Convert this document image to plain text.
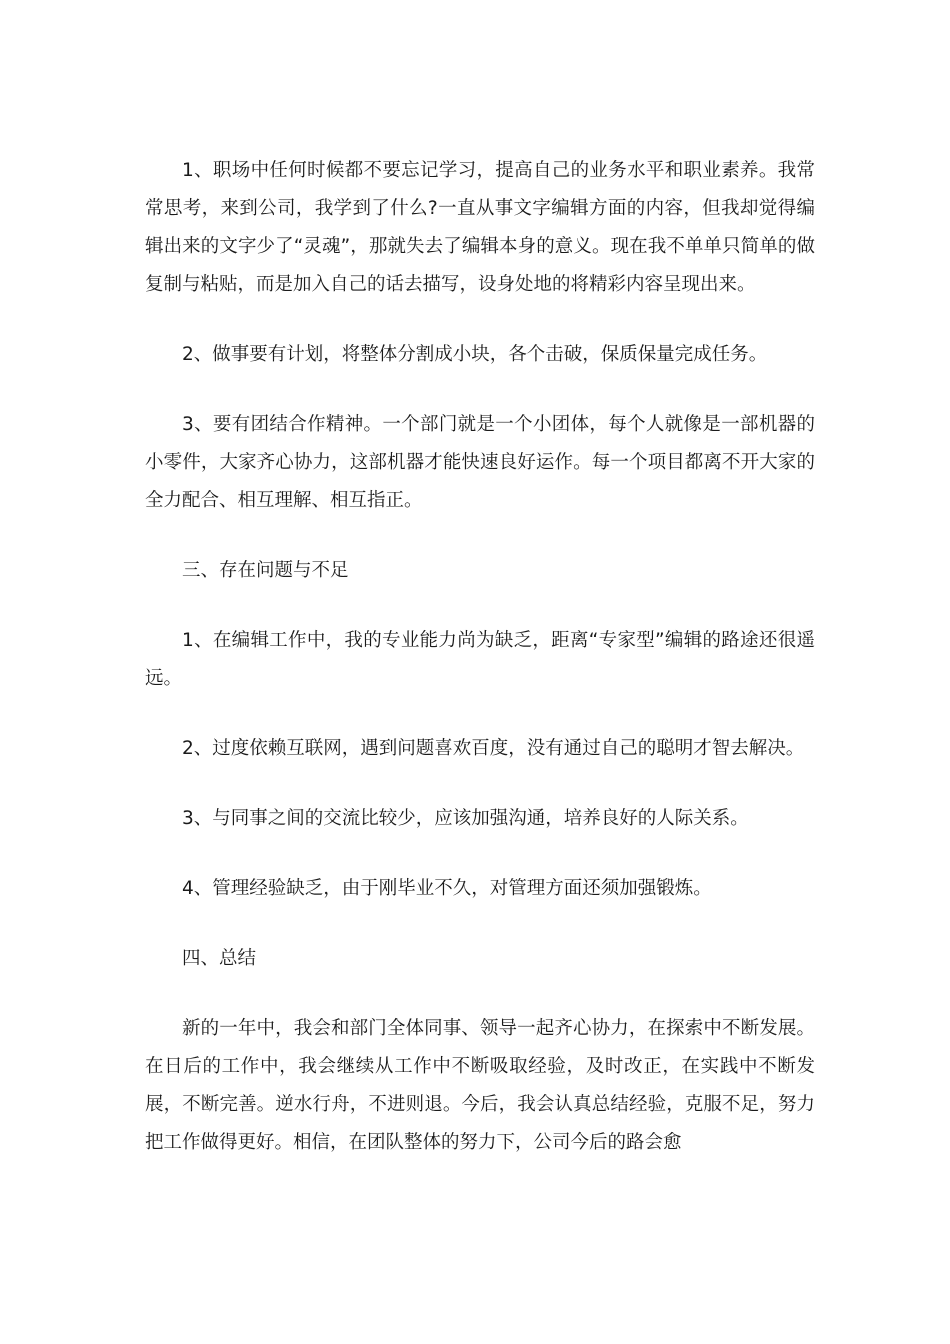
1、职场中任何时候都不要忘记学习，提高自己的业务水平和职业素养。我常常思考，来到公司，我学到了什么?一直从事文字编辑方面的内容，但我却觉得编辑出来的文字少了“灵魂”，那就失去了编辑本身的意义。现在我不单单只简单的做复制与粘贴，而是加入自己的话去描写，设身处地的将精彩内容呈现出来。

2、做事要有计划，将整体分割成小块，各个击破，保质保量完成任务。

3、要有团结合作精神。一个部门就是一个小团体，每个人就像是一部机器的小零件，大家齐心协力，这部机器才能快速良好运作。每一个项目都离不开大家的全力配合、相互理解、相互指正。

三、存在问题与不足

1、在编辑工作中，我的专业能力尚为缺乏，距离“专家型”编辑的路途还很遥远。

2、过度依赖互联网，遇到问题喜欢百度，没有通过自己的聪明才智去解决。

3、与同事之间的交流比较少，应该加强沟通，培养良好的人际关系。

4、管理经验缺乏，由于刚毕业不久，对管理方面还须加强锻炼。

四、总结

新的一年中，我会和部门全体同事、领导一起齐心协力，在探索中不断发展。在日后的工作中，我会继续从工作中不断吸取经验，及时改正，在实践中不断发展，不断完善。逆水行舟，不进则退。今后，我会认真总结经验，克服不足，努力把工作做得更好。相信，在团队整体的努力下，公司今后的路会愈
